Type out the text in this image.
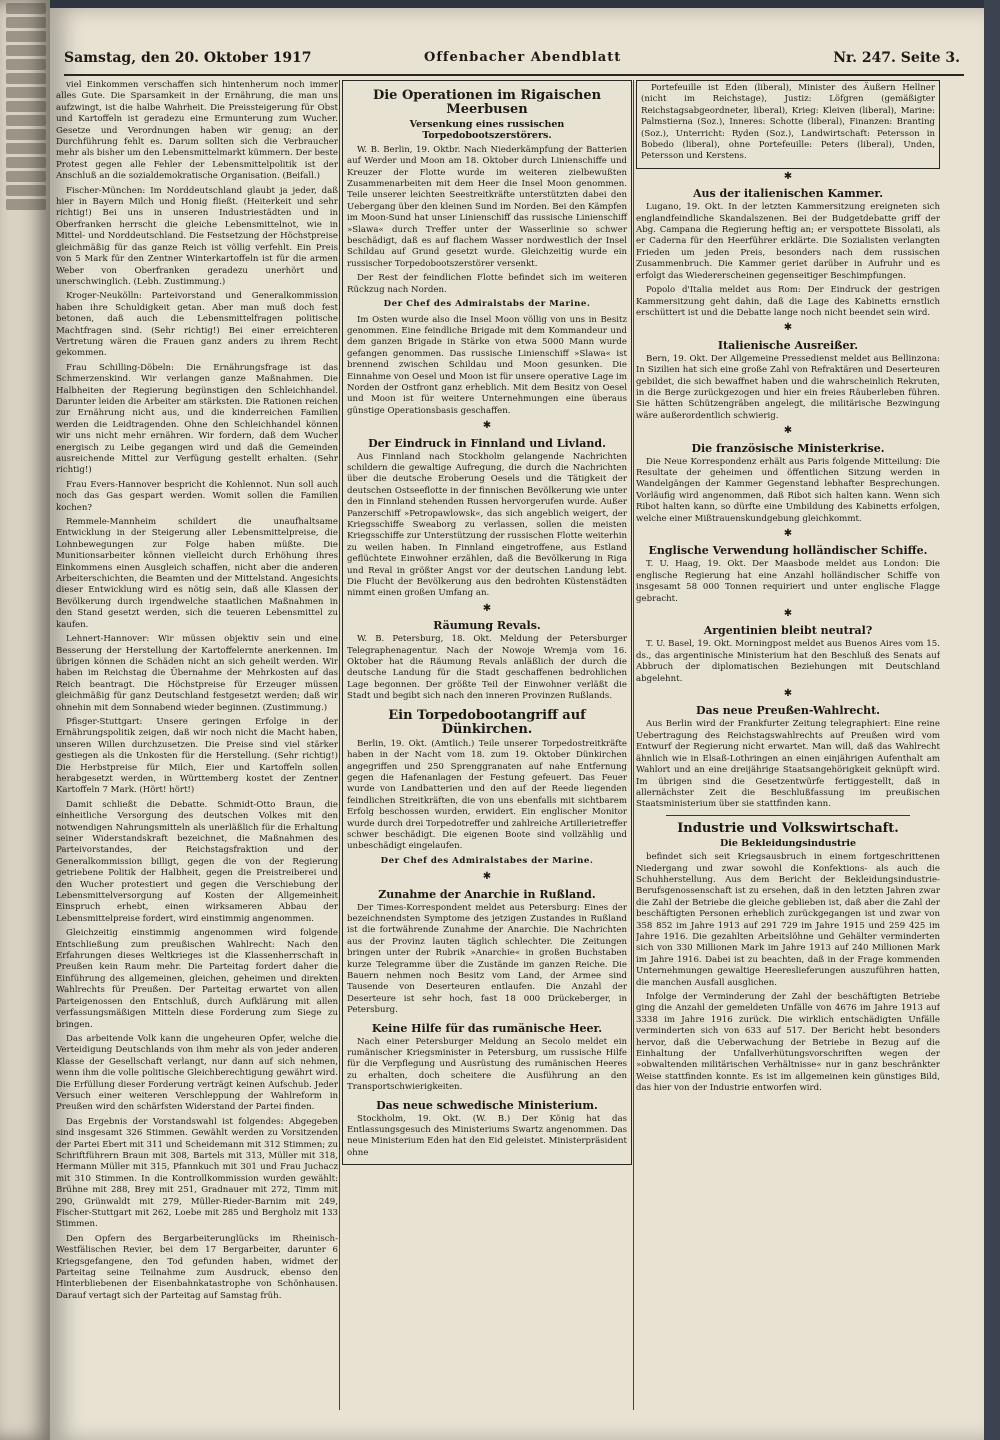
Samstag, den 20. Oktober 1917	Offenbacher Abendblatt	Nr. 247. Seite 3.

viel Einkommen verschaffen sich hintenherum noch immer alles Gute. Die Sparsamkeit in der Ernährung, die man uns aufzwingt, ist die halbe Wahrheit. Die Preissteigerung für Obst und Kartoffeln ist geradezu eine Ermunterung zum Wucher. Gesetze und Verordnungen haben wir genug; an der Durchführung fehlt es. Darum sollten sich die Verbraucher mehr als bisher um den Lebensmittelmarkt kümmern. Der beste Protest gegen alle Fehler der Lebensmittelpolitik ist der Anschluß an die sozialdemokratische Organisation. (Beifall.)

Fischer-München: Im Norddeutschland glaubt ja jeder, daß hier in Bayern Milch und Honig fließt. (Heiterkeit und sehr richtig!) Bei uns in unseren Industriestädten und in Oberfranken herrscht die gleiche Lebensmittelnot, wie in Mittel- und Norddeutschland. Die Festsetzung der Höchstpreise gleichmäßig für das ganze Reich ist völlig verfehlt. Ein Preis von 5 Mark für den Zentner Winterkartoffeln ist für die armen Weber von Oberfranken geradezu unerhört und unerschwinglich. (Lebh. Zustimmung.)

Kroger-Neukölln: Parteivorstand und Generalkommission haben ihre Schuldigkeit getan. Aber man muß doch fest betonen, daß auch die Lebensmittelfragen politische Machtfragen sind. (Sehr richtig!) Bei einer erreichteren Vertretung wären die Frauen ganz anders zu ihrem Recht gekommen.

Frau Schilling-Döbeln: Die Ernährungsfrage ist das Schmerzenskind. Wir verlangen ganze Maßnahmen. Die Halbheiten der Regierung begünstigen den Schleichhandel. Darunter leiden die Arbeiter am stärksten. Die Rationen reichen zur Ernährung nicht aus, und die kinderreichen Familien werden die Leidtragenden. Ohne den Schleichhandel können wir uns nicht mehr ernähren. Wir fordern, daß dem Wucher energisch zu Leibe gegangen wird und daß die Gemeinden ausreichende Mittel zur Verfügung gestellt erhalten. (Sehr richtig!)

Frau Evers-Hannover bespricht die Kohlennot. Nun soll auch noch das Gas gespart werden. Womit sollen die Familien kochen?

Remmele-Mannheim schildert die unaufhaltsame Entwicklung in der Steigerung aller Lebensmittelpreise, die Lohnbewegungen zur Folge haben müßte. Die Munitionsarbeiter können vielleicht durch Erhöhung ihres Einkommens einen Ausgleich schaffen, nicht aber die anderen Arbeiterschichten, die Beamten und der Mittelstand. Angesichts dieser Entwicklung wird es nötig sein, daß alle Klassen der Bevölkerung durch irgendwelche staatlichen Maßnahmen in den Stand gesetzt werden, sich die teueren Lebensmittel zu kaufen.

Lehnert-Hannover: Wir müssen objektiv sein und eine Besserung der Herstellung der Kartoffelernte anerkennen. Im übrigen können die Schäden nicht an sich geheilt werden. Wir haben im Reichstag die Übernahme der Mehrkosten auf das Reich beantragt. Die Höchstpreise für Erzeuger müssen gleichmäßig für ganz Deutschland festgesetzt werden; daß wir ohnehin mit dem Sonnabend wieder beginnen. (Zustimmung.)

Pfisger-Stuttgart: Unsere geringen Erfolge in der Ernährungspolitik zeigen, daß wir noch nicht die Macht haben, unseren Willen durchzusetzen. Die Preise sind viel stärker gestiegen als die Unkosten für die Herstellung. (Sehr richtig!) Die Herbstpreise für Milch, Eier und Kartoffeln sollen herabgesetzt werden, in Württemberg kostet der Zentner Kartoffeln 7 Mark. (Hört! hört!)

Damit schließt die Debatte. Schmidt-Otto Braun, die einheitliche Versorgung des deutschen Volkes mit den notwendigen Nahrungsmitteln als unerläßlich für die Erhaltung seiner Widerstandskraft bezeichnet, die Maßnahmen des Parteivorstandes, der Reichstagsfraktion und der Generalkommission billigt, gegen die von der Regierung getriebene Politik der Halbheit, gegen die Preistreiberei und den Wucher protestiert und gegen die Verschiebung der Lebensmittelversorgung auf Kosten der Allgemeinheit Einspruch erhebt, einen wirksameren Abbau der Lebensmittelpreise fordert, wird einstimmig angenommen.

Gleichzeitig einstimmig angenommen wird folgende Entschließung zum preußischen Wahlrecht: Nach den Erfahrungen dieses Weltkrieges ist die Klassenherrschaft in Preußen kein Raum mehr. Die Parteitag fordert daher die Einführung des allgemeinen, gleichen, geheimen und direkten Wahlrechts für Preußen. Der Parteitag erwartet von allen Parteigenossen den Entschluß, durch Aufklärung mit allen verfassungsmäßigen Mitteln diese Forderung zum Siege zu bringen.

Das arbeitende Volk kann die ungeheuren Opfer, welche die Verteidigung Deutschlands von ihm mehr als von jeder anderen Klasse der Gesellschaft verlangt, nur dann auf sich nehmen, wenn ihm die volle politische Gleichberechtigung gewährt wird. Die Erfüllung dieser Forderung verträgt keinen Aufschub. Jeder Versuch einer weiteren Verschleppung der Wahlreform in Preußen wird den schärfsten Widerstand der Partei finden.

Das Ergebnis der Vorstandswahl ist folgendes: Abgegeben sind insgesamt 326 Stimmen. Gewählt werden zu Vorsitzenden der Partei Ebert mit 311 und Scheidemann mit 312 Stimmen; zu Schriftführern Braun mit 308, Bartels mit 313, Müller mit 318, Hermann Müller mit 315, Pfannkuch mit 301 und Frau Juchacz mit 310 Stimmen. In die Kontrollkommission wurden gewählt: Brühne mit 288, Brey mit 251, Gradnauer mit 272, Timm mit 290, Grünwaldt mit 279, Müller-Rieder-Barnim mit 249, Fischer-Stuttgart mit 262, Loebe mit 285 und Bergholz mit 133 Stimmen.

Den Opfern des Bergarbeiterunglücks im Rheinisch-Westfälischen Revier, bei dem 17 Bergarbeiter, darunter 6 Kriegsgefangene, den Tod gefunden haben, widmet der Parteitag seine Teilnahme zum Ausdruck, ebenso den Hinterbliebenen der Eisenbahnkatastrophe von Schönhausen. Darauf vertagt sich der Parteitag auf Samstag früh.

Die Operationen im Rigaischen Meerbusen
Versenkung eines russischen Torpedobootszerstörers.

W. B. Berlin, 19. Oktbr. Nach Niederkämpfung der Batterien auf Werder und Moon am 18. Oktober durch Linienschiffe und Kreuzer der Flotte wurde im weiteren zielbewußten Zusammenarbeiten mit dem Heer die Insel Moon genommen. Teile unserer leichten Seestreitkräfte unterstützten dabei den Uebergang über den kleinen Sund im Norden. Bei den Kämpfen im Moon-Sund hat unser Linienschiff das russische Linienschiff »Slawa« durch Treffer unter der Wasserlinie so schwer beschädigt, daß es auf flachem Wasser nordwestlich der Insel Schildau auf Grund gesetzt wurde. Gleichzeitig wurde ein russischer Torpedobootszerstörer versenkt.

Der Rest der feindlichen Flotte befindet sich im weiteren Rückzug nach Norden.

Der Chef des Admiralstabs der Marine.

Im Osten wurde also die Insel Moon völlig von uns in Besitz genommen. Eine feindliche Brigade mit dem Kommandeur und dem ganzen Brigade in Stärke von etwa 5000 Mann wurde gefangen genommen. Das russische Linienschiff »Slawa« ist brennend zwischen Schildau und Moon gesunken. Die Einnahme von Oesel und Moon ist für unsere operative Lage im Norden der Ostfront ganz erheblich. Mit dem Besitz von Oesel und Moon ist für weitere Unternehmungen eine überaus günstige Operationsbasis geschaffen.

✱
Der Eindruck in Finnland und Livland.

Aus Finnland nach Stockholm gelangende Nachrichten schildern die gewaltige Aufregung, die durch die Nachrichten über die deutsche Eroberung Oesels und die Tätigkeit der deutschen Ostseeflotte in der finnischen Bevölkerung wie unter den in Finnland stehenden Russen hervorgerufen wurde. Außer Panzerschiff »Petropawlowsk«, das sich angeblich weigert, der Kriegsschiffe Sweaborg zu verlassen, sollen die meisten Kriegsschiffe zur Unterstützung der russischen Flotte weiterhin zu weilen haben. In Finnland eingetroffene, aus Estland geflüchtete Einwohner erzählen, daß die Bevölkerung in Riga und Reval in größter Angst vor der deutschen Landung lebt. Die Flucht der Bevölkerung aus den bedrohten Küstenstädten nimmt einen großen Umfang an.

✱
Räumung Revals.

W. B. Petersburg, 18. Okt. Meldung der Petersburger Telegraphenagentur. Nach der Nowoje Wremja vom 16. Oktober hat die Räumung Revals anläßlich der durch die deutsche Landung für die Stadt geschaffenen bedrohlichen Lage begonnen. Der größte Teil der Einwohner verläßt die Stadt und begibt sich nach den inneren Provinzen Rußlands.

Ein Torpedobootangriff auf Dünkirchen.

Berlin, 19. Okt. (Amtlich.) Teile unserer Torpedostreitkräfte haben in der Nacht vom 18. zum 19. Oktober Dünkirchen angegriffen und 250 Sprenggranaten auf nahe Entfernung gegen die Hafenanlagen der Festung gefeuert. Das Feuer wurde von Landbatterien und den auf der Reede liegenden feindlichen Streitkräften, die von uns ebenfalls mit sichtbarem Erfolg beschossen wurden, erwidert. Ein englischer Monitor wurde durch drei Torpedotreffer und zahlreiche Artillerietreffer schwer beschädigt. Die eigenen Boote sind vollzählig und unbeschädigt eingelaufen.

Der Chef des Admiralstabes der Marine.
✱
Zunahme der Anarchie in Rußland.

Der Times-Korrespondent meldet aus Petersburg: Eines der bezeichnendsten Symptome des jetzigen Zustandes in Rußland ist die fortwährende Zunahme der Anarchie. Die Nachrichten aus der Provinz lauten täglich schlechter. Die Zeitungen bringen unter der Rubrik »Anarchie« in großen Buchstaben kurze Telegramme über die Zustände im ganzen Reiche. Die Bauern nehmen noch Besitz vom Land, der Armee sind Tausende von Deserteuren entlaufen. Die Anzahl der Deserteure ist sehr hoch, fast 18 000 Drückeberger, in Petersburg.

Keine Hilfe für das rumänische Heer.

Nach einer Petersburger Meldung an Secolo meldet ein rumänischer Kriegsminister in Petersburg, um russische Hilfe für die Verpflegung und Ausrüstung des rumänischen Heeres zu erhalten, doch scheitere die Ausführung an den Transportschwierigkeiten.

Das neue schwedische Ministerium.

Stockholm, 19. Okt. (W. B.) Der König hat das Entlassungsgesuch des Ministeriums Swartz angenommen. Das neue Ministerium Eden hat den Eid geleistet. Ministerpräsident ohne

Portefeuille ist Eden (liberal), Minister des Äußern Hellner (nicht im Reichstage), Justiz: Löfgren (gemäßigter Reichstagsabgeordneter, liberal), Krieg: Kleiven (liberal), Marine: Palmstierna (Soz.), Inneres: Schotte (liberal), Finanzen: Branting (Soz.), Unterricht: Ryden (Soz.), Landwirtschaft: Petersson in Bobedo (liberal), ohne Portefeuille: Peters (liberal), Unden, Petersson und Kerstens.

✱
Aus der italienischen Kammer.

Lugano, 19. Okt. In der letzten Kammersitzung ereigneten sich englandfeindliche Skandalszenen. Bei der Budgetdebatte griff der Abg. Campana die Regierung heftig an; er verspottete Bissolati, als er Caderna für den Heerführer erklärte. Die Sozialisten verlangten Frieden um jeden Preis, besonders nach dem russischen Zusammenbruch. Die Kammer geriet darüber in Aufruhr und es erfolgt das Wiedererscheinen gegenseitiger Beschimpfungen.

Popolo d'Italia meldet aus Rom: Der Eindruck der gestrigen Kammersitzung geht dahin, daß die Lage des Kabinetts ernstlich erschüttert ist und die Debatte lange noch nicht beendet sein wird.

✱
Italienische Ausreißer.

Bern, 19. Okt. Der Allgemeine Pressedienst meldet aus Bellinzona: In Sizilien hat sich eine große Zahl von Refraktären und Deserteuren gebildet, die sich bewaffnet haben und die wahrscheinlich Rekruten, in die Berge zurückgezogen und hier ein freies Räuberleben führen. Sie hätten Schützengräben angelegt, die militärische Bezwingung wäre außerordentlich schwierig.

✱
Die französische Ministerkrise.

Die Neue Korrespondenz erhält aus Paris folgende Mitteilung: Die Resultate der geheimen und öffentlichen Sitzung werden in Wandelgängen der Kammer Gegenstand lebhafter Besprechungen. Vorläufig wird angenommen, daß Ribot sich halten kann. Wenn sich Ribot halten kann, so dürfte eine Umbildung des Kabinetts erfolgen, welche einer Mißtrauenskundgebung gleichkommt.

✱
Englische Verwendung holländischer Schiffe.

T. U. Haag, 19. Okt. Der Maasbode meldet aus London: Die englische Regierung hat eine Anzahl holländischer Schiffe von insgesamt 58 000 Tonnen requiriert und unter englische Flagge gebracht.

✱
Argentinien bleibt neutral?

T. U. Basel, 19. Okt. Morningpost meldet aus Buenos Aires vom 15. ds., das argentinische Ministerium hat den Beschluß des Senats auf Abbruch der diplomatischen Beziehungen mit Deutschland abgelehnt.

✱
Das neue Preußen-Wahlrecht.

Aus Berlin wird der Frankfurter Zeitung telegraphiert: Eine reine Uebertragung des Reichstagswahlrechts auf Preußen wird vom Entwurf der Regierung nicht erwartet. Man will, daß das Wahlrecht ähnlich wie in Elsaß-Lothringen an einen einjährigen Aufenthalt am Wahlort und an eine dreijährige Staatsangehörigkeit geknüpft wird. Im übrigen sind die Gesetzentwürfe fertiggestellt, daß in allernächster Zeit die Beschlußfassung im preußischen Staatsministerium über sie stattfinden kann.

Industrie und Volkswirtschaft.
Die Bekleidungsindustrie

befindet sich seit Kriegsausbruch in einem fortgeschrittenen Niedergang und zwar sowohl die Konfektions- als auch die Schuhherstellung. Aus dem Bericht der Bekleidungsindustrie-Berufsgenossenschaft ist zu ersehen, daß in den letzten Jahren zwar die Zahl der Betriebe die gleiche geblieben ist, daß aber die Zahl der beschäftigten Personen erheblich zurückgegangen ist und zwar von 358 852 im Jahre 1913 auf 291 729 im Jahre 1915 und 259 425 im Jahre 1916. Die gezahlten Arbeitslöhne und Gehälter verminderten sich von 330 Millionen Mark im Jahre 1913 auf 240 Millionen Mark im Jahre 1916. Dabei ist zu beachten, daß in der Frage kommenden Unternehmungen gewaltige Heereslieferungen auszuführen hatten, die manchen Ausfall ausglichen.

Infolge der Verminderung der Zahl der beschäftigten Betriebe ging die Anzahl der gemeldeten Unfälle von 4676 im Jahre 1913 auf 3338 im Jahre 1916 zurück. Die wirklich entschädigten Unfälle verminderten sich von 633 auf 517. Der Bericht hebt besonders hervor, daß die Ueberwachung der Betriebe in Bezug auf die Einhaltung der Unfallverhütungsvorschriften wegen der »obwaltenden militärischen Verhältnisse« nur in ganz beschränkter Weise stattfinden konnte. Es ist im allgemeinen kein günstiges Bild, das hier von der Industrie entworfen wird.
